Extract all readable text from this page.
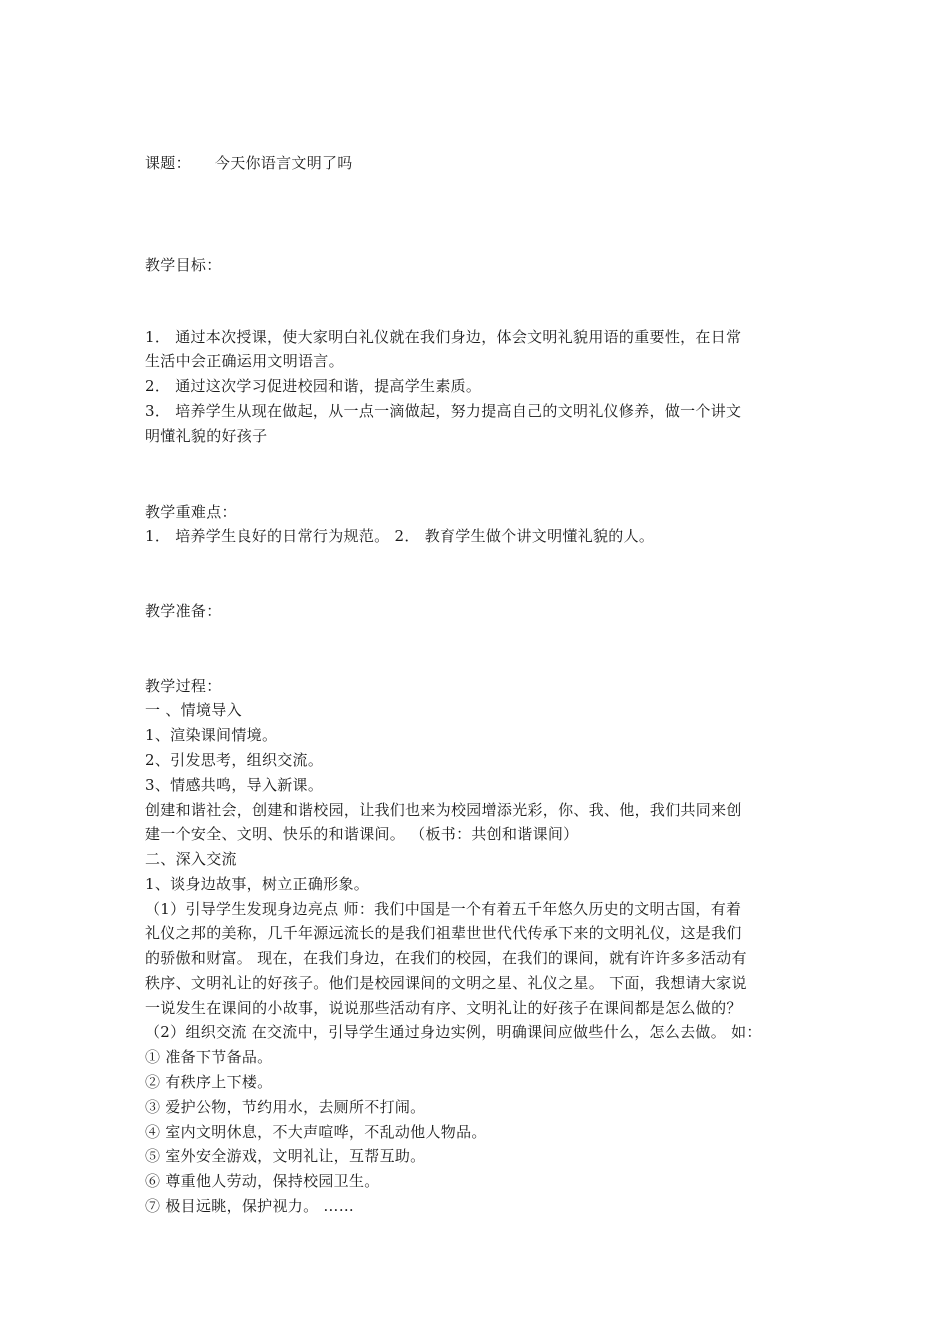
课题： 今天你语言文明了吗
教学目标：
1． 通过本次授课，使大家明白礼仪就在我们身边，体会文明礼貌用语的重要性，在日常
生活中会正确运用文明语言。
2． 通过这次学习促进校园和谐，提高学生素质。
3． 培养学生从现在做起，从一点一滴做起，努力提高自己的文明礼仪修养，做一个讲文
明懂礼貌的好孩子
教学重难点：
1． 培养学生良好的日常行为规范。 2． 教育学生做个讲文明懂礼貌的人。
教学准备：
教学过程：
一 、情境导入
1、渲染课间情境。
2、引发思考，组织交流。
3、情感共鸣，导入新课。
创建和谐社会，创建和谐校园，让我们也来为校园增添光彩，你、我、他，我们共同来创
建一个安全、文明、快乐的和谐课间。 （板书：共创和谐课间）
二、深入交流
1、谈身边故事，树立正确形象。
（1）引导学生发现身边亮点 师：我们中国是一个有着五千年悠久历史的文明古国，有着
礼仪之邦的美称，几千年源远流长的是我们祖辈世世代代传承下来的文明礼仪，这是我们
的骄傲和财富。 现在，在我们身边，在我们的校园，在我们的课间，就有许许多多活动有
秩序、文明礼让的好孩子。他们是校园课间的文明之星、礼仪之星。 下面，我想请大家说
一说发生在课间的小故事，说说那些活动有序、文明礼让的好孩子在课间都是怎么做的？
（2）组织交流 在交流中，引导学生通过身边实例，明确课间应做些什么，怎么去做。 如：
① 准备下节备品。
② 有秩序上下楼。
③ 爱护公物，节约用水，去厕所不打闹。
④ 室内文明休息，不大声喧哗，不乱动他人物品。
⑤ 室外安全游戏，文明礼让，互帮互助。
⑥ 尊重他人劳动，保持校园卫生。
⑦ 极目远眺，保护视力。 ……
